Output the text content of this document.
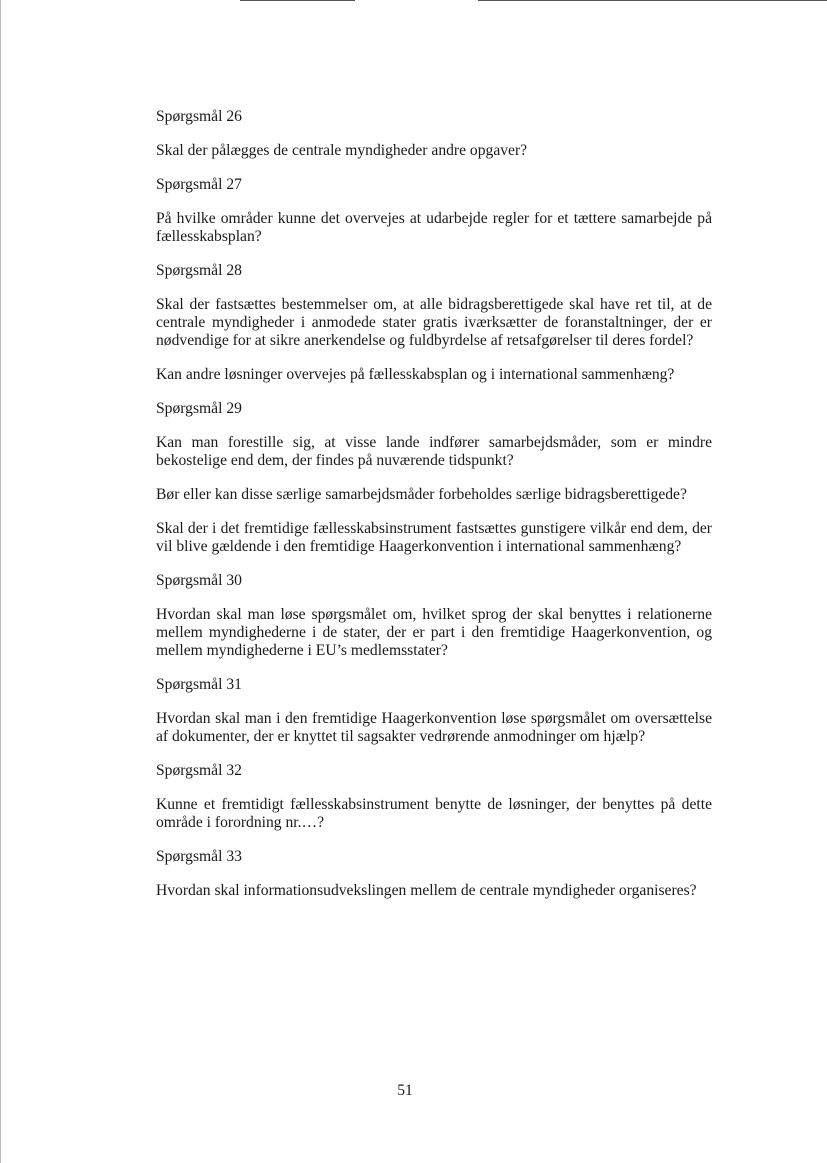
Spørgsmål 26

Skal der pålægges de centrale myndigheder andre opgaver?

Spørgsmål 27

På hvilke områder kunne det overvejes at udarbejde regler for et tættere samarbejde på fællesskabsplan?

Spørgsmål 28

Skal der fastsættes bestemmelser om, at alle bidragsberettigede skal have ret til, at de centrale myndigheder i anmodede stater gratis iværksætter de foranstaltninger, der er nødvendige for at sikre anerkendelse og fuldbyrdelse af retsafgørelser til deres fordel?

Kan andre løsninger overvejes på fællesskabsplan og i international sammenhæng?

Spørgsmål 29

Kan man forestille sig, at visse lande indfører samarbejdsmåder, som er mindre bekostelige end dem, der findes på nuværende tidspunkt?

Bør eller kan disse særlige samarbejdsmåder forbeholdes særlige bidragsberettigede?

Skal der i det fremtidige fællesskabsinstrument fastsættes gunstigere vilkår end dem, der vil blive gældende i den fremtidige Haagerkonvention i international sammenhæng?

Spørgsmål 30

Hvordan skal man løse spørgsmålet om, hvilket sprog der skal benyttes i relationerne mellem myndighederne i de stater, der er part i den fremtidige Haagerkonvention, og mellem myndighederne i EU’s medlemsstater?

Spørgsmål 31

Hvordan skal man i den fremtidige Haagerkonvention løse spørgsmålet om oversættelse af dokumenter, der er knyttet til sagsakter vedrørende anmodninger om hjælp?

Spørgsmål 32

Kunne et fremtidigt fællesskabsinstrument benytte de løsninger, der benyttes på dette område i forordning nr.…?

Spørgsmål 33

Hvordan skal informationsudvekslingen mellem de centrale myndigheder organiseres?

51
